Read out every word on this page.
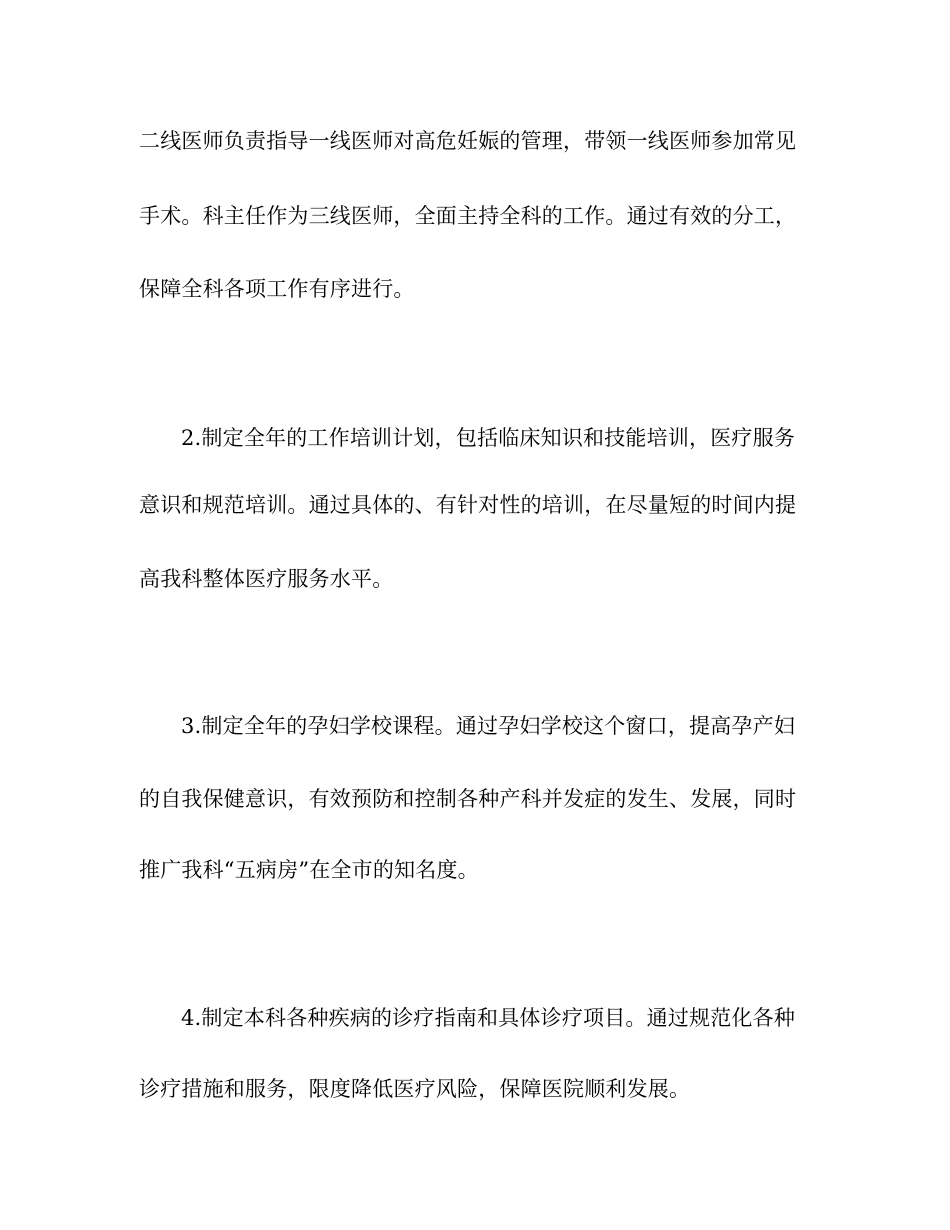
二线医师负责指导一线医师对高危妊娠的管理，带领一线医师参加常见
手术。科主任作为三线医师，全面主持全科的工作。通过有效的分工，
保障全科各项工作有序进行。
2.制定全年的工作培训计划，包括临床知识和技能培训，医疗服务
意识和规范培训。通过具体的、有针对性的培训，在尽量短的时间内提
高我科整体医疗服务水平。
3.制定全年的孕妇学校课程。通过孕妇学校这个窗口，提高孕产妇
的自我保健意识，有效预防和控制各种产科并发症的发生、发展，同时
推广我科“五病房”在全市的知名度。
4.制定本科各种疾病的诊疗指南和具体诊疗项目。通过规范化各种
诊疗措施和服务，限度降低医疗风险，保障医院顺利发展。
